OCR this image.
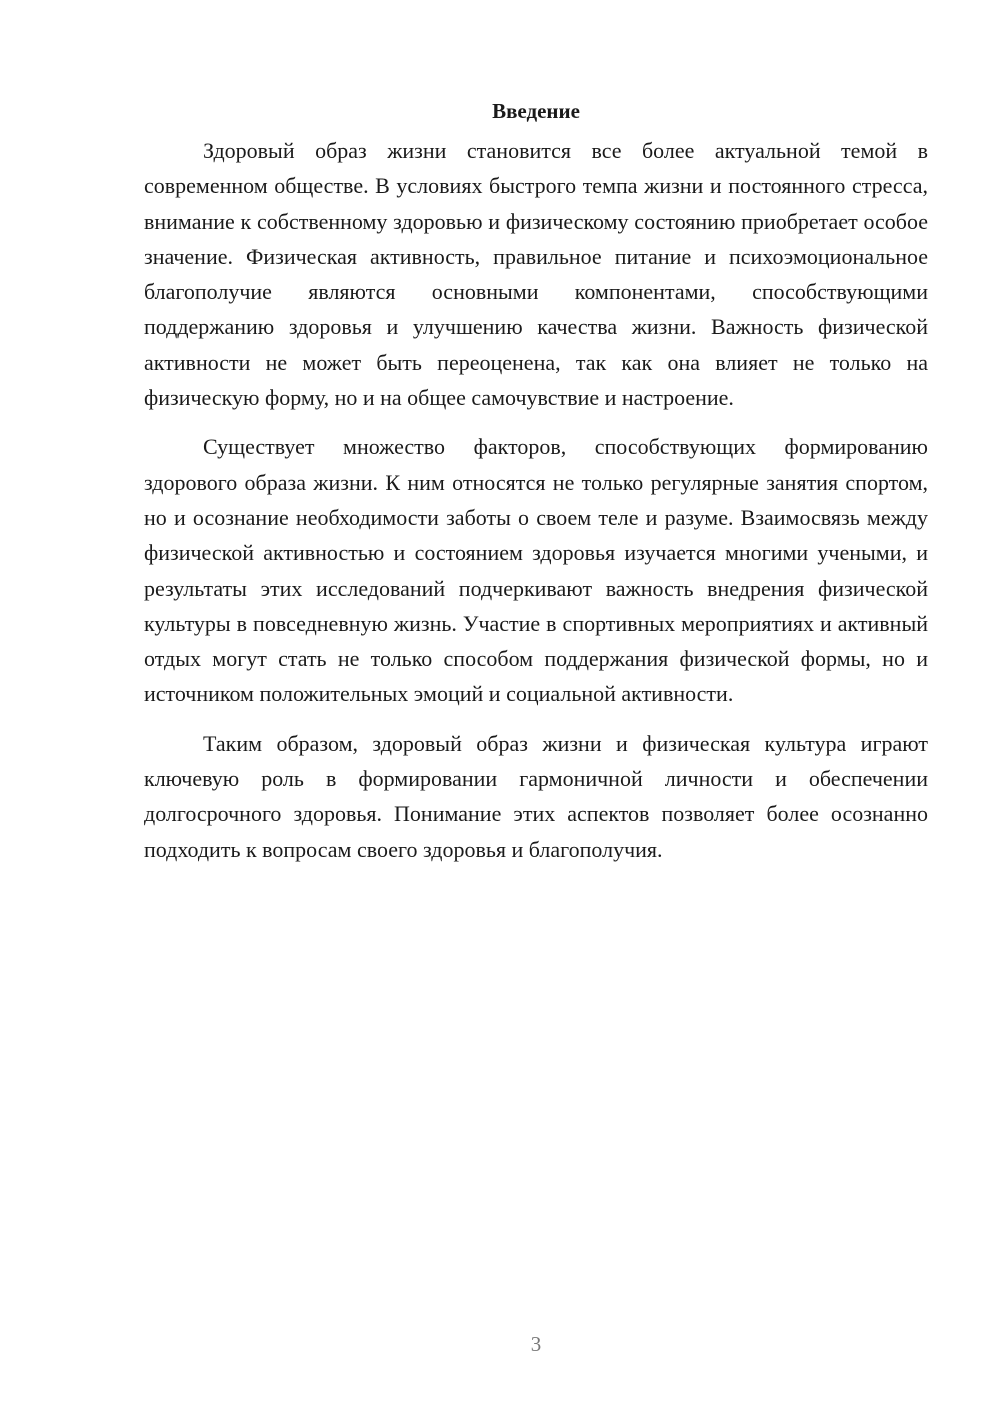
Введение

Здоровый образ жизни становится все более актуальной темой в современном обществе. В условиях быстрого темпа жизни и постоянного стресса, внимание к собственному здоровью и физическому состоянию приобретает особое значение. Физическая активность, правильное питание и психоэмоциональное благополучие являются основными компонентами, способствующими поддержанию здоровья и улучшению качества жизни. Важность физической активности не может быть переоценена, так как она влияет не только на физическую форму, но и на общее самочувствие и настроение.

Существует множество факторов, способствующих формированию здорового образа жизни. К ним относятся не только регулярные занятия спортом, но и осознание необходимости заботы о своем теле и разуме. Взаимосвязь между физической активностью и состоянием здоровья изучается многими учеными, и результаты этих исследований подчеркивают важность внедрения физической культуры в повседневную жизнь. Участие в спортивных мероприятиях и активный отдых могут стать не только способом поддержания физической формы, но и источником положительных эмоций и социальной активности.

Таким образом, здоровый образ жизни и физическая культура играют ключевую роль в формировании гармоничной личности и обеспечении долгосрочного здоровья. Понимание этих аспектов позволяет более осознанно подходить к вопросам своего здоровья и благополучия.

3
